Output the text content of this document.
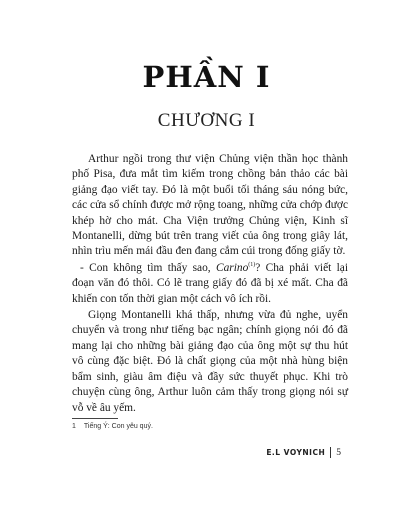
PHẦN I
CHƯƠNG I

Arthur ngồi trong thư viện Chủng viện thần học thành phố Pisa, đưa mắt tìm kiếm trong chồng bản thảo các bài giảng đạo viết tay. Đó là một buổi tối tháng sáu nóng bức, các cửa sổ chính được mở rộng toang, những cửa chớp được khép hờ cho mát. Cha Viện trưởng Chủng viện, Kinh sĩ Montanelli, dừng bút trên trang viết của ông trong giây lát, nhìn trìu mến mái đầu đen đang cắm cúi trong đống giấy tờ.

- Con không tìm thấy sao, Carino$^{(1)}$? Cha phải viết lại đoạn văn đó thôi. Có lẽ trang giấy đó đã bị xé mất. Cha đã khiến con tốn thời gian một cách vô ích rồi.

Giọng Montanelli khá thấp, nhưng vừa đủ nghe, uyển chuyển và trong như tiếng bạc ngân; chính giọng nói đó đã mang lại cho những bài giảng đạo của ông một sự thu hút vô cùng đặc biệt. Đó là chất giọng của một nhà hùng biện bẩm sinh, giàu âm điệu và đầy sức thuyết phục. Khi trò chuyện cùng ông, Arthur luôn cảm thấy trong giọng nói sự vỗ về âu yếm.

1 Tiếng Ý: Con yêu quý.
E.L VOYNICH 5
